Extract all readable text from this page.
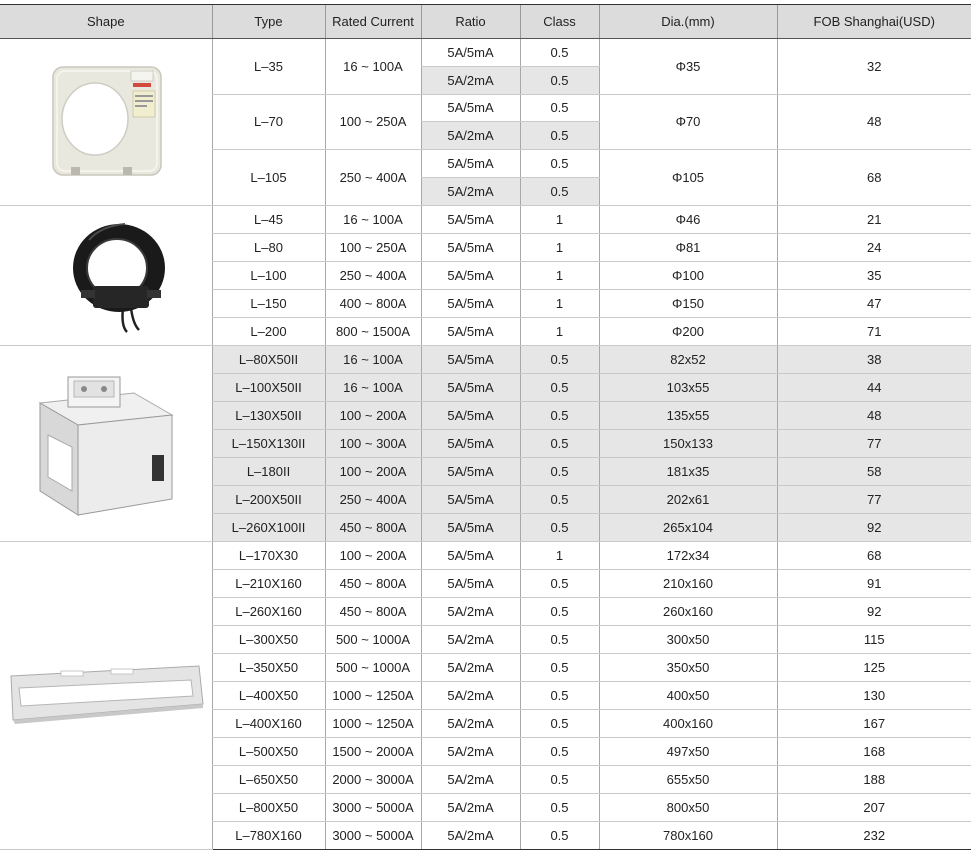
Shape	Type	Rated Current	Ratio	Class	Dia.(mm)	FOB Shanghai(USD)

	L–35	16 ~ 100A	5A/5mA	0.5	Φ35	32
			5A/2mA	0.5		
	L–70	100 ~ 250A	5A/5mA	0.5	Φ70	48
			5A/2mA	0.5		
	L–105	250 ~ 400A	5A/5mA	0.5	Φ105	68
			5A/2mA	0.5		

	L–45	16 ~ 100A	5A/5mA	1	Φ46	21
	L–80	100 ~ 250A	5A/5mA	1	Φ81	24
	L–100	250 ~ 400A	5A/5mA	1	Φ100	35
	L–150	400 ~ 800A	5A/5mA	1	Φ150	47
	L–200	800 ~ 1500A	5A/5mA	1	Φ200	71

	L–80X50II	16 ~ 100A	5A/5mA	0.5	82x52	38
	L–100X50II	16 ~ 100A	5A/5mA	0.5	103x55	44
	L–130X50II	100 ~ 200A	5A/5mA	0.5	135x55	48
	L–150X130II	100 ~ 300A	5A/5mA	0.5	150x133	77
	L–180II	100 ~ 200A	5A/5mA	0.5	181x35	58
	L–200X50II	250 ~ 400A	5A/5mA	0.5	202x61	77
	L–260X100II	450 ~ 800A	5A/5mA	0.5	265x104	92

	L–170X30	100 ~ 200A	5A/5mA	1	172x34	68
	L–210X160	450 ~ 800A	5A/5mA	0.5	210x160	91
	L–260X160	450 ~ 800A	5A/2mA	0.5	260x160	92
	L–300X50	500 ~ 1000A	5A/2mA	0.5	300x50	115
	L–350X50	500 ~ 1000A	5A/2mA	0.5	350x50	125
	L–400X50	1000 ~ 1250A	5A/2mA	0.5	400x50	130
	L–400X160	1000 ~ 1250A	5A/2mA	0.5	400x160	167
	L–500X50	1500 ~ 2000A	5A/2mA	0.5	497x50	168
	L–650X50	2000 ~ 3000A	5A/2mA	0.5	655x50	188
	L–800X50	3000 ~ 5000A	5A/2mA	0.5	800x50	207
	L–780X160	3000 ~ 5000A	5A/2mA	0.5	780x160	232
